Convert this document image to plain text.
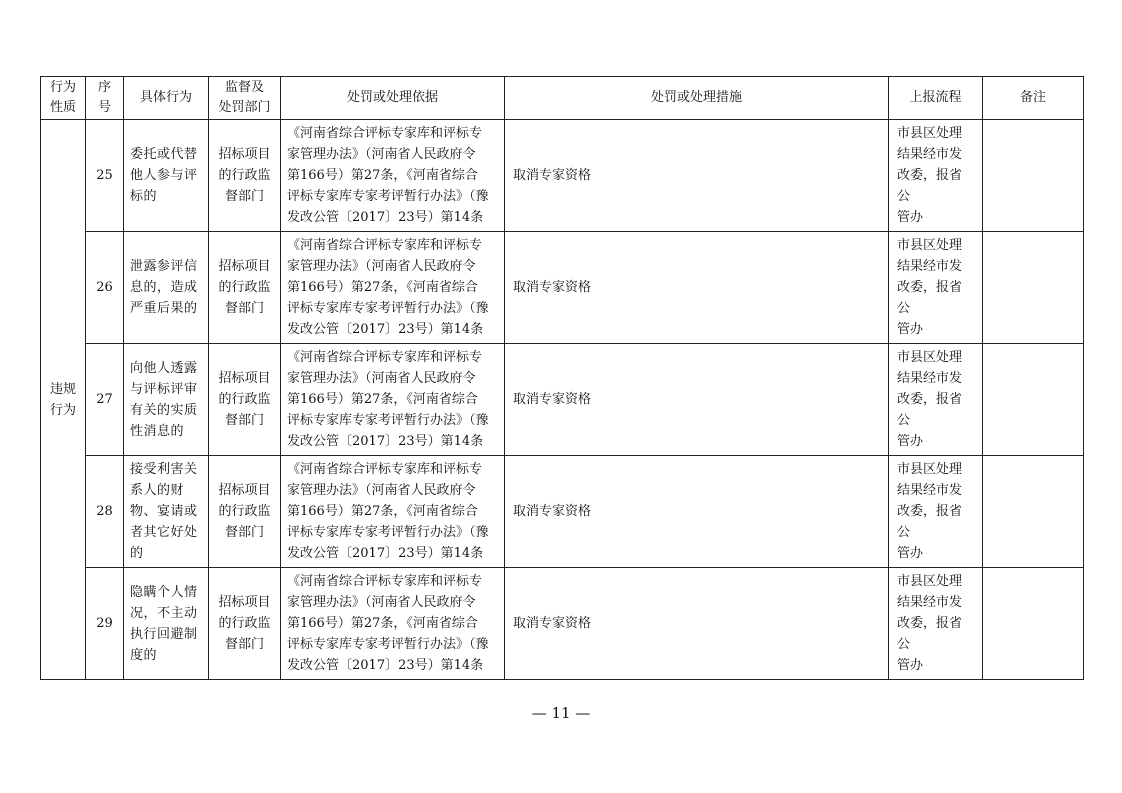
行为
性质	序
号	具体行为	监督及
处罚部门	处罚或处理依据	处罚或处理措施	上报流程	备注

违规
行为	25	委托或代替
他人参与评
标的	招标项目
的行政监
督部门	《河南省综合评标专家库和评标专
家管理办法》（河南省人民政府令
第166号）第27条，《河南省综合
评标专家库专家考评暂行办法》（豫
发改公管〔2017〕23号）第14条	取消专家资格	市县区处理
结果经市发
改委，报省公
管办	

	26	泄露参评信
息的，造成
严重后果的	招标项目
的行政监
督部门	《河南省综合评标专家库和评标专
家管理办法》（河南省人民政府令
第166号）第27条，《河南省综合
评标专家库专家考评暂行办法》（豫
发改公管〔2017〕23号）第14条	取消专家资格	市县区处理
结果经市发
改委，报省公
管办	

	27	向他人透露
与评标评审
有关的实质
性消息的	招标项目
的行政监
督部门	《河南省综合评标专家库和评标专
家管理办法》（河南省人民政府令
第166号）第27条，《河南省综合
评标专家库专家考评暂行办法》（豫
发改公管〔2017〕23号）第14条	取消专家资格	市县区处理
结果经市发
改委，报省公
管办	

	28	接受利害关
系人的财
物、宴请或
者其它好处
的	招标项目
的行政监
督部门	《河南省综合评标专家库和评标专
家管理办法》（河南省人民政府令
第166号）第27条，《河南省综合
评标专家库专家考评暂行办法》（豫
发改公管〔2017〕23号）第14条	取消专家资格	市县区处理
结果经市发
改委，报省公
管办	

	29	隐瞒个人情
况，不主动
执行回避制
度的	招标项目
的行政监
督部门	《河南省综合评标专家库和评标专
家管理办法》（河南省人民政府令
第166号）第27条，《河南省综合
评标专家库专家考评暂行办法》（豫
发改公管〔2017〕23号）第14条	取消专家资格	市县区处理
结果经市发
改委，报省公
管办	

— 11 —
